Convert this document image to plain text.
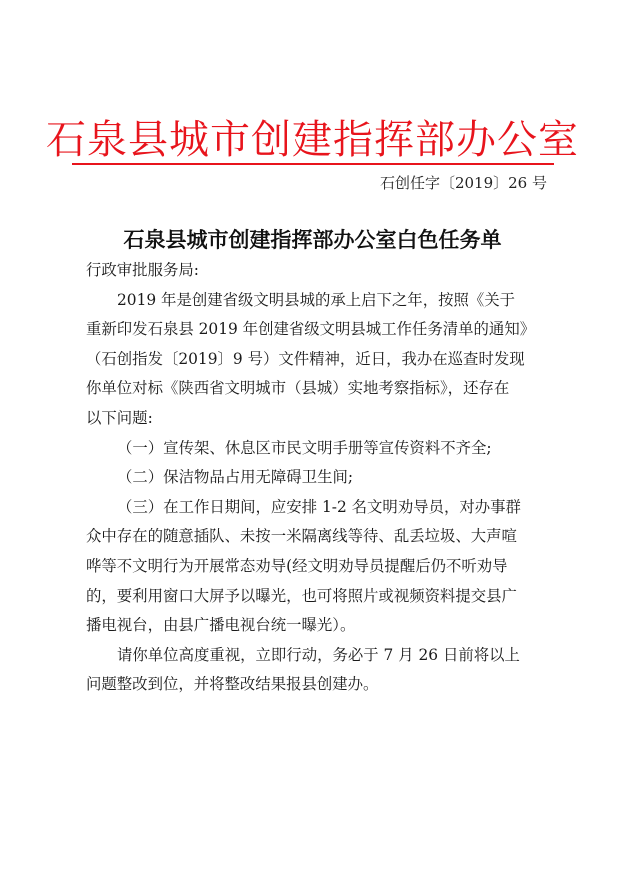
石泉县城市创建指挥部办公室
石创任字〔2019〕26 号
石泉县城市创建指挥部办公室白色任务单
行政审批服务局:
2019 年是创建省级文明县城的承上启下之年，按照《关于
重新印发石泉县 2019 年创建省级文明县城工作任务清单的通知》
（石创指发〔2019〕9 号）文件精神，近日，我办在巡查时发现
你单位对标《陕西省文明城市（县城）实地考察指标》，还存在
以下问题:
（一）宣传架、休息区市民文明手册等宣传资料不齐全;
（二）保洁物品占用无障碍卫生间;
（三）在工作日期间，应安排 1-2 名文明劝导员，对办事群
众中存在的随意插队、未按一米隔离线等待、乱丢垃圾、大声喧
哗等不文明行为开展常态劝导(经文明劝导员提醒后仍不听劝导
的，要利用窗口大屏予以曝光，也可将照片或视频资料提交县广
播电视台，由县广播电视台统一曝光）。
请你单位高度重视，立即行动，务必于 7 月 26 日前将以上
问题整改到位，并将整改结果报县创建办。
